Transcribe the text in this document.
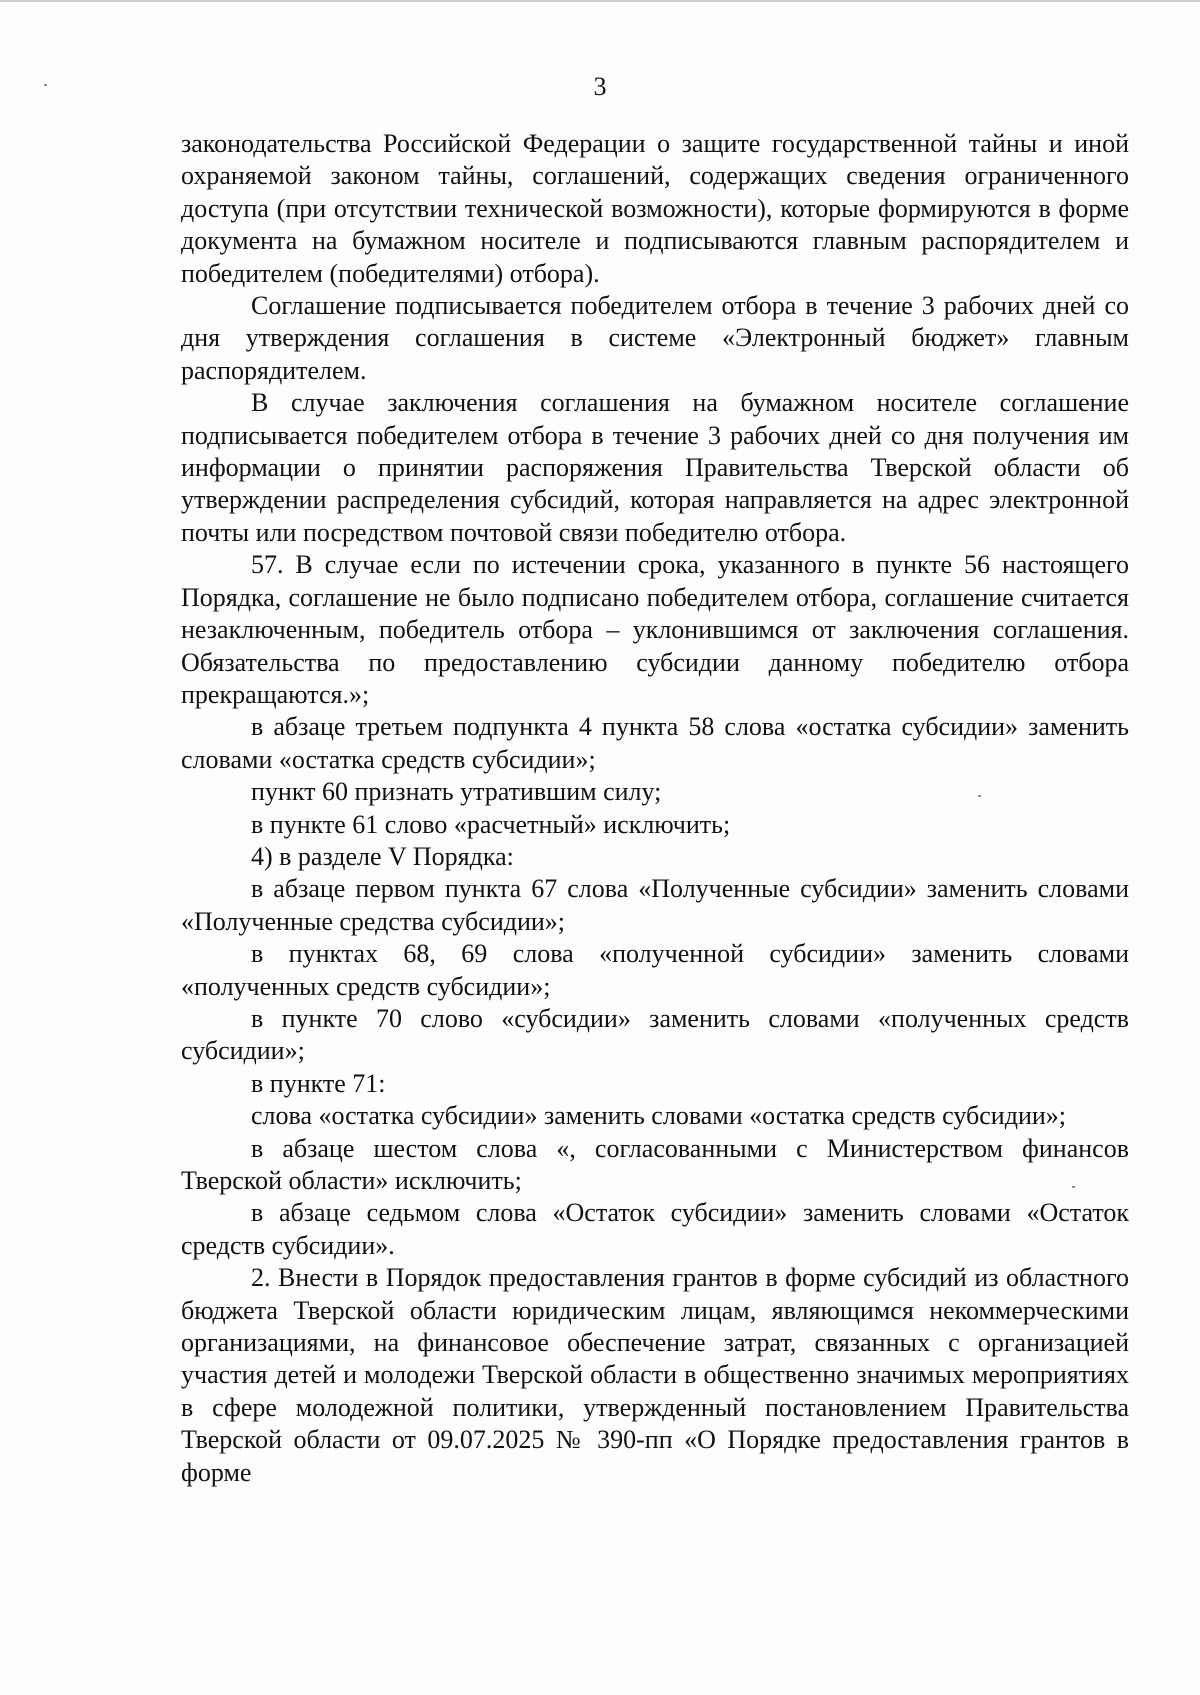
3

законодательства Российской Федерации о защите государственной тайны и иной охраняемой законом тайны, соглашений, содержащих сведения ограниченного доступа (при отсутствии технической возможности), которые формируются в форме документа на бумажном носителе и подписываются главным распорядителем и победителем (победителями) отбора).

Соглашение подписывается победителем отбора в течение 3 рабочих дней со дня утверждения соглашения в системе «Электронный бюджет» главным распорядителем.

В случае заключения соглашения на бумажном носителе соглашение подписывается победителем отбора в течение 3 рабочих дней со дня получения им информации о принятии распоряжения Правительства Тверской области об утверждении распределения субсидий, которая направляется на адрес электронной почты или посредством почтовой связи победителю отбора.

57. В случае если по истечении срока, указанного в пункте 56 настоящего Порядка, соглашение не было подписано победителем отбора, соглашение считается незаключенным, победитель отбора – уклонившимся от заключения соглашения. Обязательства по предоставлению субсидии данному победителю отбора прекращаются.»;

в абзаце третьем подпункта 4 пункта 58 слова «остатка субсидии» заменить словами «остатка средств субсидии»;

пункт 60 признать утратившим силу;

в пункте 61 слово «расчетный» исключить;

4) в разделе V Порядка:

в абзаце первом пункта 67 слова «Полученные субсидии» заменить словами «Полученные средства субсидии»;

в пунктах 68, 69 слова «полученной субсидии» заменить словами «полученных средств субсидии»;

в пункте 70 слово «субсидии» заменить словами «полученных средств субсидии»;

в пункте 71:

слова «остатка субсидии» заменить словами «остатка средств субсидии»;

в абзаце шестом слова «, согласованными с Министерством финансов Тверской области» исключить;

в абзаце седьмом слова «Остаток субсидии» заменить словами «Остаток средств субсидии».

2. Внести в Порядок предоставления грантов в форме субсидий из областного бюджета Тверской области юридическим лицам, являющимся некоммерческими организациями, на финансовое обеспечение затрат, связанных с организацией участия детей и молодежи Тверской области в общественно значимых мероприятиях в сфере молодежной политики, утвержденный постановлением Правительства Тверской области от 09.07.2025 № 390-пп «О Порядке предоставления грантов в форме
